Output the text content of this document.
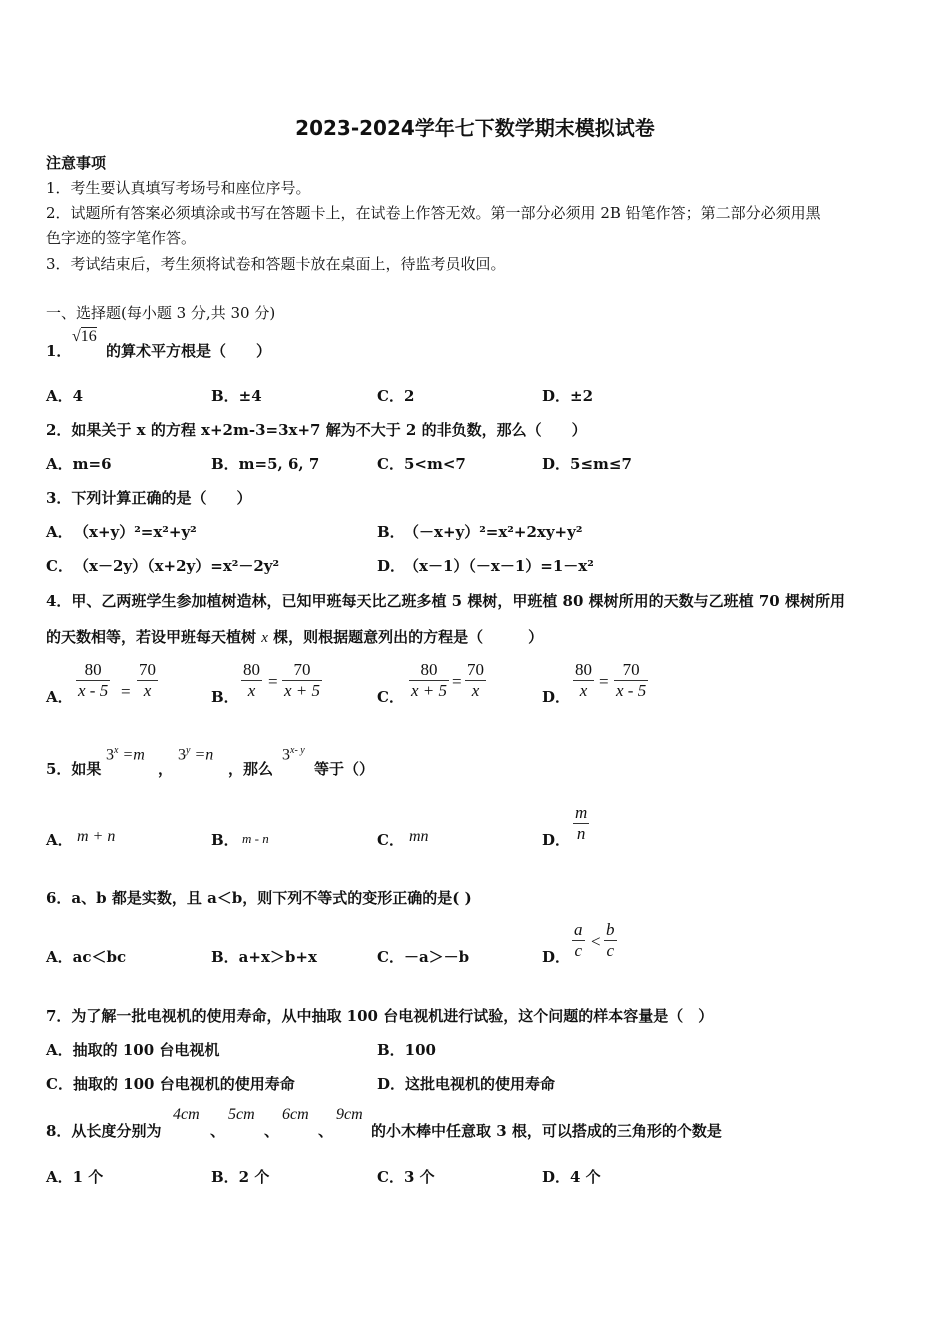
2023-2024学年七下数学期末模拟试卷
注意事项
1．考生要认真填写考场号和座位序号。
2．试题所有答案必须填涂或书写在答题卡上，在试卷上作答无效。第一部分必须用 2B 铅笔作答；第二部分必须用黑
色字迹的签字笔作答。
3．考试结束后，考生须将试卷和答题卡放在桌面上，待监考员收回。
一、选择题(每小题 3 分,共 30 分)
1．
√16
的算术平方根是（　　）
A．4	B．±4	C．2	D．±2
2．如果关于 x 的方程 x+2m-3=3x+7 解为不大于 2 的非负数，那么（　　）
A．m=6	B．m=5, 6, 7	C．5<m<7	D．5≤m≤7
3．下列计算正确的是（　　）
A． （x+y）²=x²+y²	B． （－x+y）²=x²+2xy+y²
C． （x－2y）（x+2y）=x²－2y²	D．
（x－1）（－x－1）=1－x²
4．甲、乙两班学生参加植树造林，已知甲班每天比乙班多植 5 棵树，甲班植 80 棵树所用的天数与乙班植 70 棵树所用
的天数相等，若设甲班每天植树 x 棵，则根据题意列出的方程是（　　　）
A． $\frac{80}{x - 5} = \frac{70}{x}$	B． $\frac{80}{x} = \frac{70}{x + 5}$	C． $\frac{80}{x + 5} = \frac{70}{x}$	D． $\frac{80}{x} = \frac{70}{x - 5}$
5．如果
$3^x =m$
，
$3^y =n$
，那么
3$^{x- y}$
等于（）
A． m + n	B． m - n	C． mn	D． $\frac{m}{n}$
6．a、b 都是实数，且 a＜b，则下列不等式的变形正确的是( )
A．ac＜bc	B．a+x＞b+x	C．－a＞－b	D． $\frac{a}{c} < \frac{b}{c}$
7．为了解一批电视机的使用寿命，从中抽取 100 台电视机进行试验，这个问题的样本容量是（　）
A．抽取的 100 台电视机	B．100
C．抽取的 100 台电视机的使用寿命	D．这批电视机的使用寿命
8．从长度分别为
4cm
、
5cm
、
6cm
、
9cm
的小木棒中任意取 3 根，可以搭成的三角形的个数是
A．1 个	B．2 个	C．3 个	D．4 个
